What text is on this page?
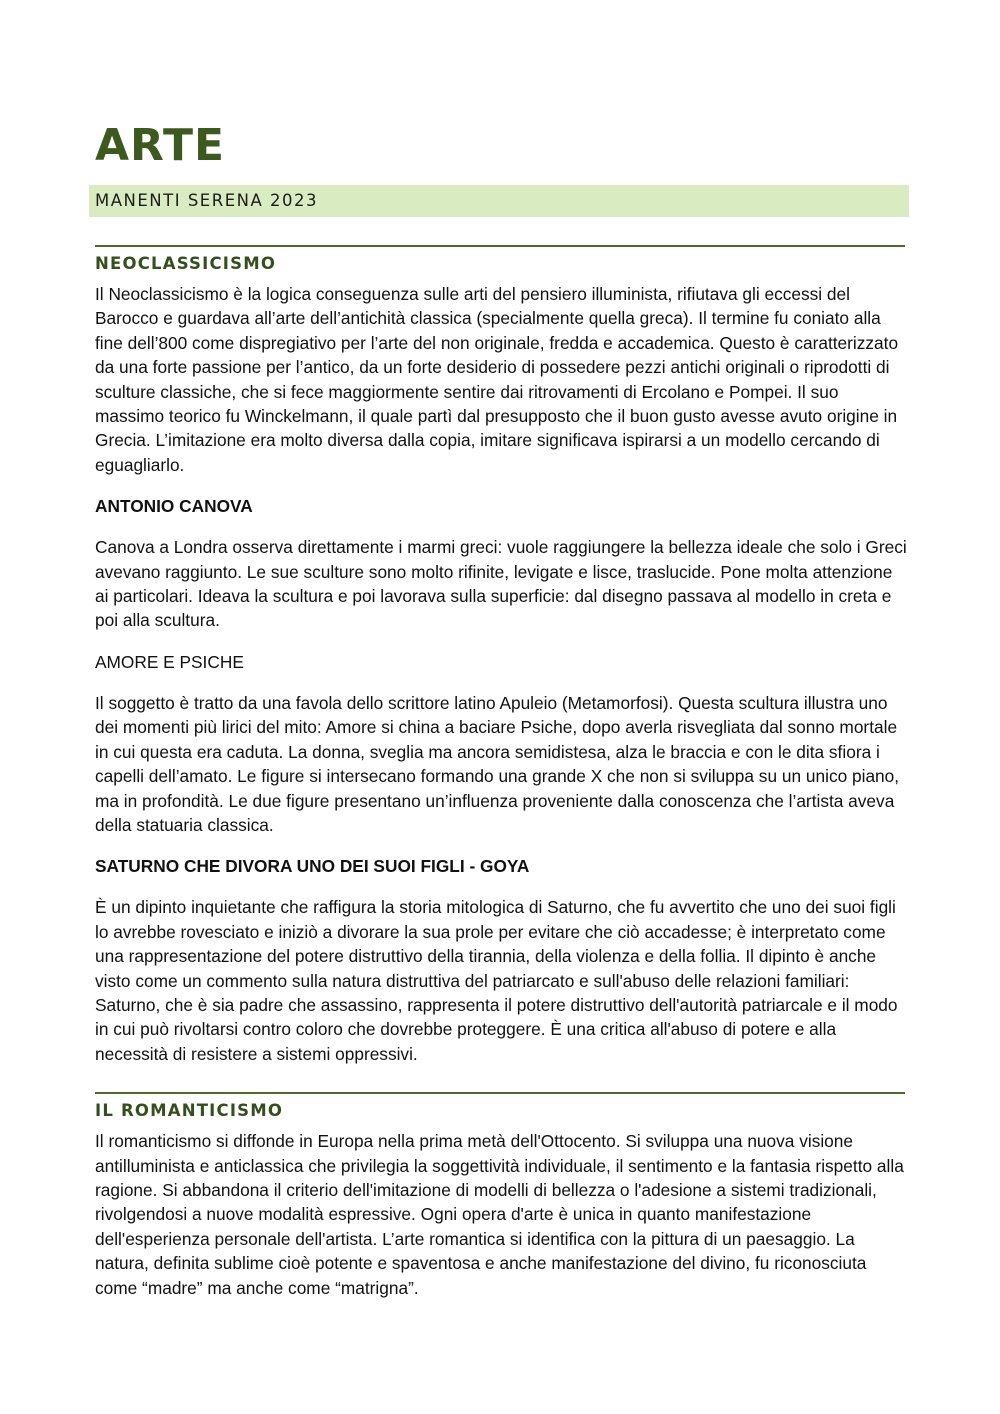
ARTE
MANENTI SERENA 2023
NEOCLASSICISMO

Il Neoclassicismo è la logica conseguenza sulle arti del pensiero illuminista, rifiutava gli eccessi del Barocco e guardava all’arte dell’antichità classica (specialmente quella greca). Il termine fu coniato alla fine dell’800 come dispregiativo per l’arte del non originale, fredda e accademica. Questo è caratterizzato da una forte passione per l’antico, da un forte desiderio di possedere pezzi antichi originali o riprodotti di sculture classiche, che si fece maggiormente sentire dai ritrovamenti di Ercolano e Pompei. Il suo massimo teorico fu Winckelmann, il quale partì dal presupposto che il buon gusto avesse avuto origine in Grecia. L’imitazione era molto diversa dalla copia, imitare significava ispirarsi a un modello cercando di eguagliarlo.

ANTONIO CANOVA

Canova a Londra osserva direttamente i marmi greci: vuole raggiungere la bellezza ideale che solo i Greci avevano raggiunto. Le sue sculture sono molto rifinite, levigate e lisce, traslucide. Pone molta attenzione ai particolari. Ideava la scultura e poi lavorava sulla superficie: dal disegno passava al modello in creta e poi alla scultura.

AMORE E PSICHE

Il soggetto è tratto da una favola dello scrittore latino Apuleio (Metamorfosi). Questa scultura illustra uno dei momenti più lirici del mito: Amore si china a baciare Psiche, dopo averla risvegliata dal sonno mortale in cui questa era caduta. La donna, sveglia ma ancora semidistesa, alza le braccia e con le dita sfiora i capelli dell’amato. Le figure si intersecano formando una grande X che non si sviluppa su un unico piano, ma in profondità. Le due figure presentano un’influenza proveniente dalla conoscenza che l’artista aveva della statuaria classica.

SATURNO CHE DIVORA UNO DEI SUOI FIGLI - GOYA

È un dipinto inquietante che raffigura la storia mitologica di Saturno, che fu avvertito che uno dei suoi figli lo avrebbe rovesciato e iniziò a divorare la sua prole per evitare che ciò accadesse; è interpretato come una rappresentazione del potere distruttivo della tirannia, della violenza e della follia. Il dipinto è anche visto come un commento sulla natura distruttiva del patriarcato e sull'abuso delle relazioni familiari: Saturno, che è sia padre che assassino, rappresenta il potere distruttivo dell'autorità patriarcale e il modo in cui può rivoltarsi contro coloro che dovrebbe proteggere. È una critica all'abuso di potere e alla necessità di resistere a sistemi oppressivi.

IL ROMANTICISMO

Il romanticismo si diffonde in Europa nella prima metà dell'Ottocento. Si sviluppa una nuova visione antilluminista e anticlassica che privilegia la soggettività individuale, il sentimento e la fantasia rispetto alla ragione. Si abbandona il criterio dell'imitazione di modelli di bellezza o l'adesione a sistemi tradizionali, rivolgendosi a nuove modalità espressive. Ogni opera d'arte è unica in quanto manifestazione dell'esperienza personale dell'artista. L’arte romantica si identifica con la pittura di un paesaggio. La natura, definita sublime cioè potente e spaventosa e anche manifestazione del divino, fu riconosciuta come “madre” ma anche come “matrigna”.
